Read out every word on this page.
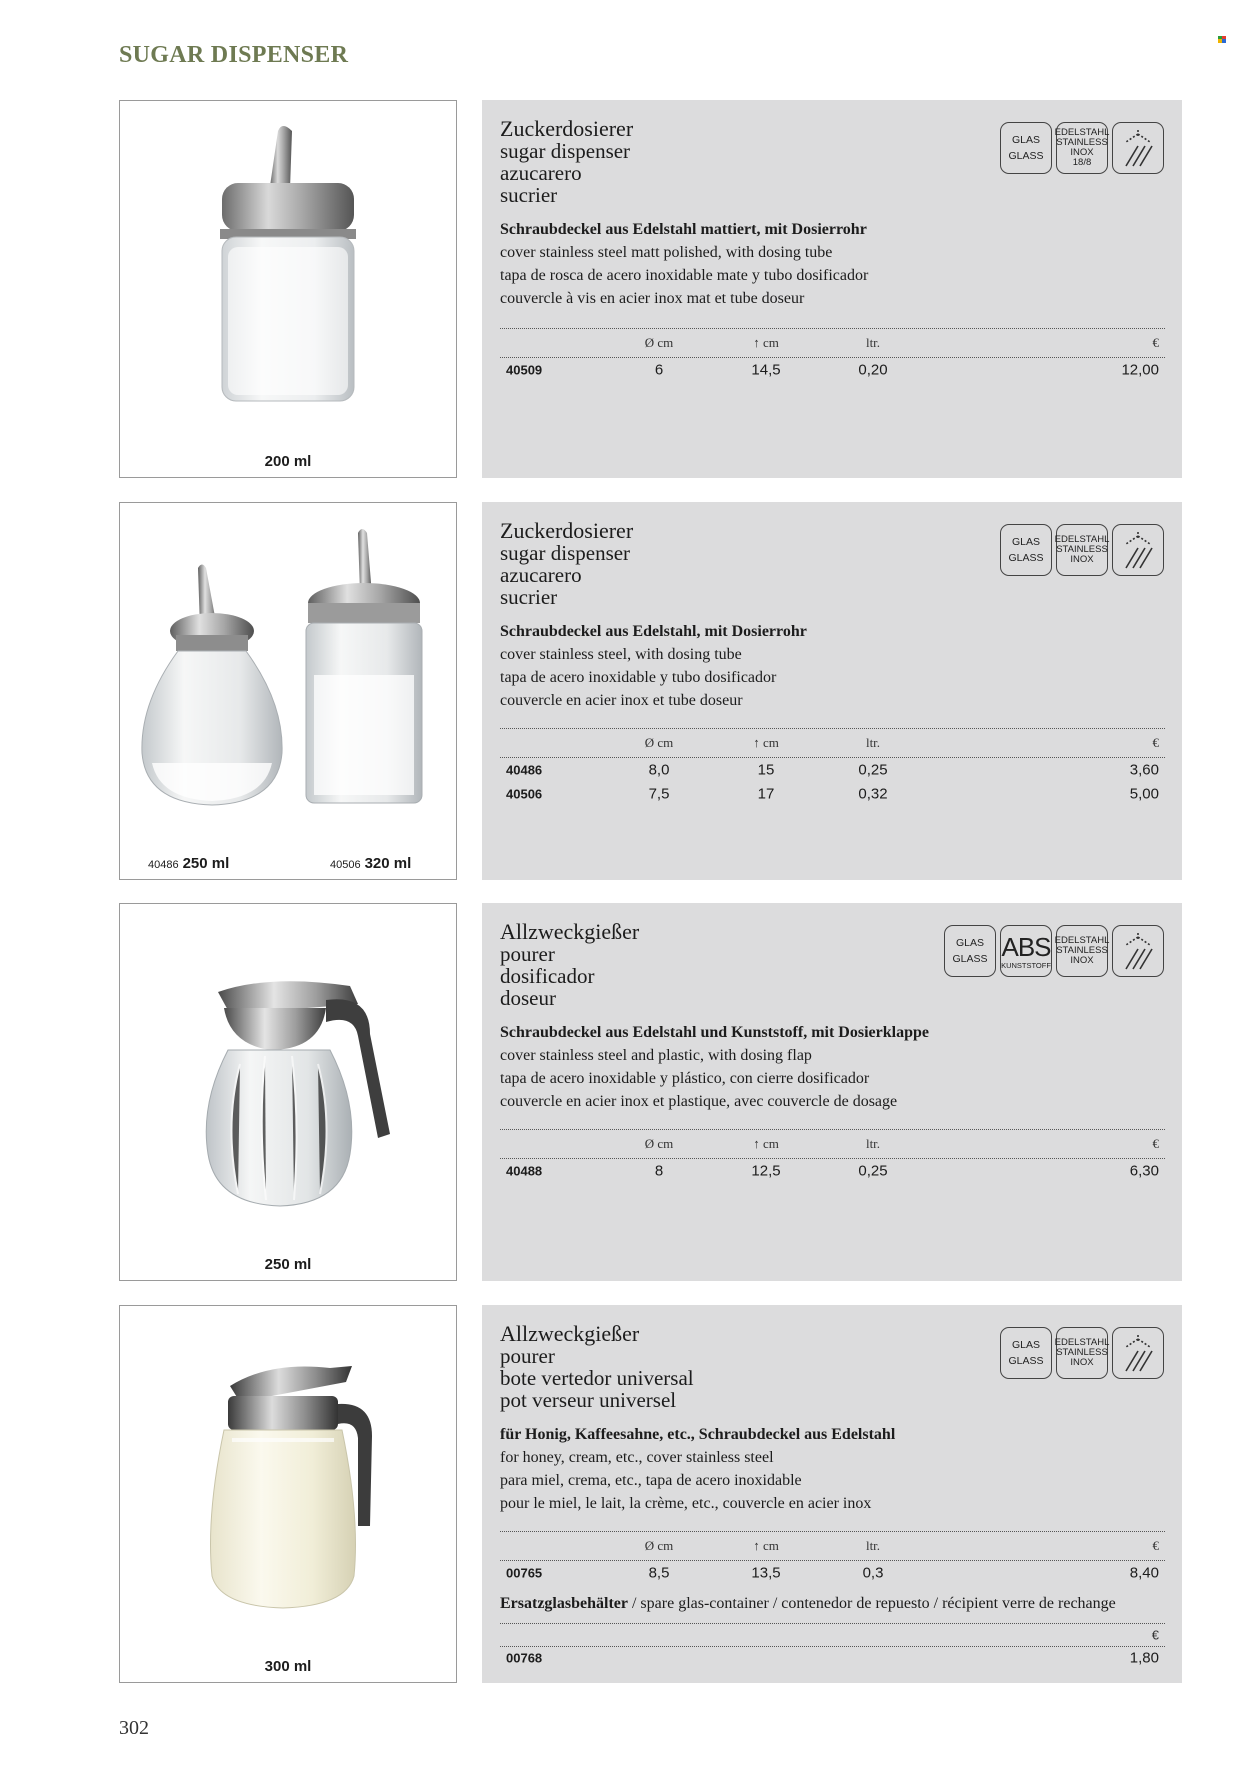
SUGAR DISPENSER
200 ml
Zuckerdosierer
sugar dispenser
azucarero
sucrier
GLAS
GLASS
EDELSTAHL
STAINLESS
INOX
18/8
Schraubdeckel aus Edelstahl mattiert, mit Dosierrohr
cover stainless steel matt polished, with dosing tube
tapa de rosca de acero inoxidable mate y tubo dosificador
couvercle à vis en acier inox mat et tube doseur
Ø cm	↑ cm	ltr.	€
40509	6	14,5	0,20	12,00
40486 250 ml	40506 320 ml
Zuckerdosierer
sugar dispenser
azucarero
sucrier
GLAS
GLASS
EDELSTAHL
STAINLESS
INOX
Schraubdeckel aus Edelstahl, mit Dosierrohr
cover stainless steel, with dosing tube
tapa de acero inoxidable y tubo dosificador
couvercle en acier inox et tube doseur
Ø cm	↑ cm	ltr.	€
40486	8,0	15	0,25	3,60
40506	7,5	17	0,32	5,00
250 ml
Allzweckgießer
pourer
dosificador
doseur
GLAS
GLASS ABS
KUNSTSTOFF
EDELSTAHL
STAINLESS
INOX
Schraubdeckel aus Edelstahl und Kunststoff, mit Dosierklappe
cover stainless steel and plastic, with dosing flap
tapa de acero inoxidable y plástico, con cierre dosificador
couvercle en acier inox et plastique, avec couvercle de dosage
Ø cm	↑ cm	ltr.	€
40488	8	12,5	0,25	6,30
300 ml
Allzweckgießer
pourer
bote vertedor universal
pot verseur universel
GLAS
GLASS
EDELSTAHL
STAINLESS
INOX
für Honig, Kaffeesahne, etc., Schraubdeckel aus Edelstahl
for honey, cream, etc., cover stainless steel
para miel, crema, etc., tapa de acero inoxidable
pour le miel, le lait, la crème, etc., couvercle en acier inox
Ø cm	↑ cm	ltr.	€
00765	8,5	13,5	0,3	8,40
Ersatzglasbehälter / spare glas-container / contenedor de repuesto / récipient verre de rechange
€
00768	1,80
302
